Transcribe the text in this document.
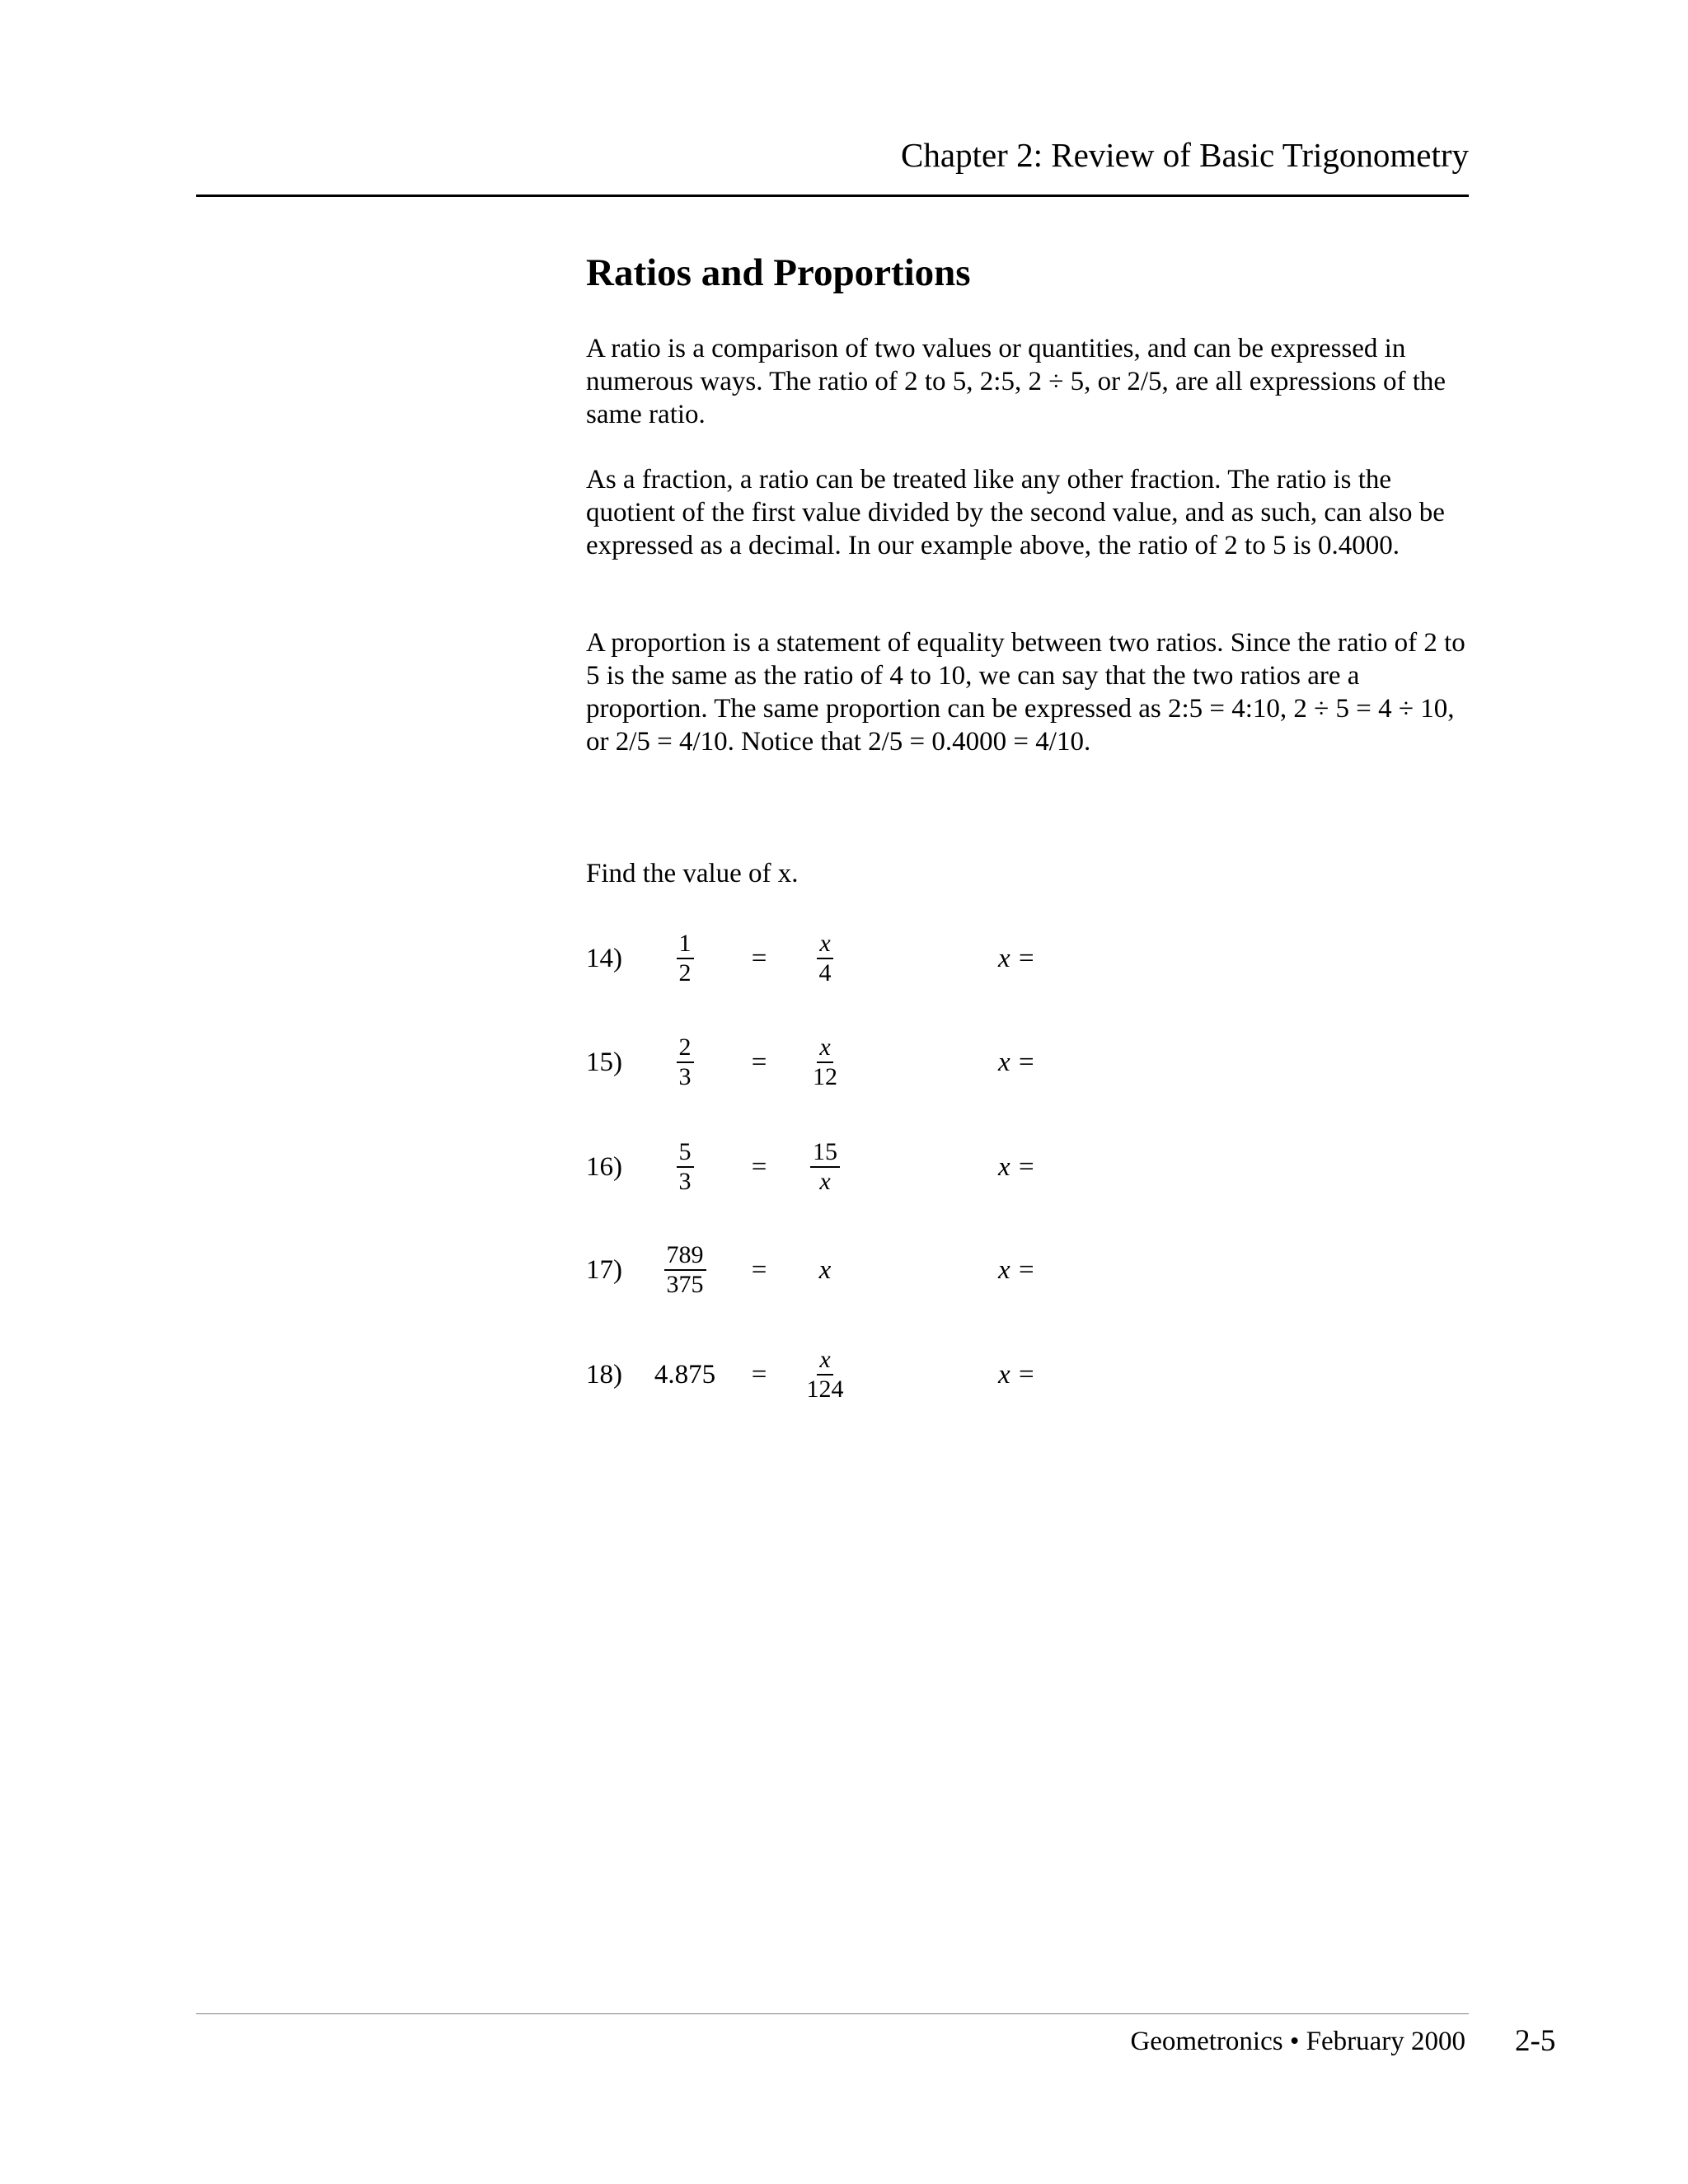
Chapter 2: Review of Basic Trigonometry
Ratios and Proportions

A ratio is a comparison of two values or quantities, and can be expressed in numerous ways. The ratio of 2 to 5, 2:5, 2 ÷ 5, or 2/5, are all expressions of the same ratio.

As a fraction, a ratio can be treated like any other fraction. The ratio is the quotient of the first value divided by the second value, and as such, can also be expressed as a decimal. In our example above, the ratio of 2 to 5 is 0.4000.

A proportion is a statement of equality between two ratios. Since the ratio of 2 to 5 is the same as the ratio of 4 to 10, we can say that the two ratios are a proportion. The same proportion can be expressed as 2:5 = 4:10, 2 ÷ 5 = 4 ÷ 10, or 2/5 = 4/10. Notice that 2/5 = 0.4000 = 4/10.

Find the value of x.
14)	$\frac{1}{2}$	=	$\frac{x}{4}$	x =
15)	$\frac{2}{3}$	=	$\frac{x}{12}$	x =
16)	$\frac{5}{3}$	=	$\frac{15}{x}$	x =
17)	$\frac{789}{375}$	=	x	x =
18)	4.875	=	$\frac{x}{124}$	x =
Geometronics • February 2000 2-5
